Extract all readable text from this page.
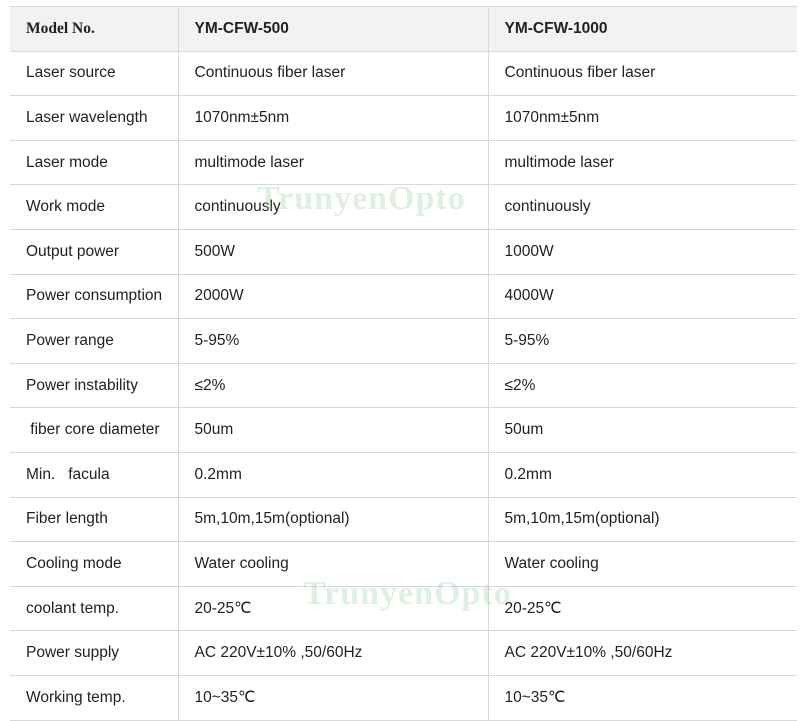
Model No.	YM-CFW-500	YM-CFW-1000
Laser source	Continuous fiber laser	Continuous fiber laser
Laser wavelength	1070nm±5nm	1070nm±5nm
Laser mode	multimode laser	multimode laser
Work mode	continuously	continuously
Output power	500W	1000W
Power consumption	2000W	4000W
Power range	5-95%	5-95%
Power instability	≤2%	≤2%
fiber core diameter	50um	50um
Min.   facula	0.2mm	0.2mm
Fiber length	5m,10m,15m(optional)	5m,10m,15m(optional)
Cooling mode	Water cooling	Water cooling
coolant temp.	20-25℃	20-25℃
Power supply	AC 220V±10% ,50/60Hz	AC 220V±10% ,50/60Hz
Working temp.	10~35℃	10~35℃
TrunyenOpto
TrunyenOpto
